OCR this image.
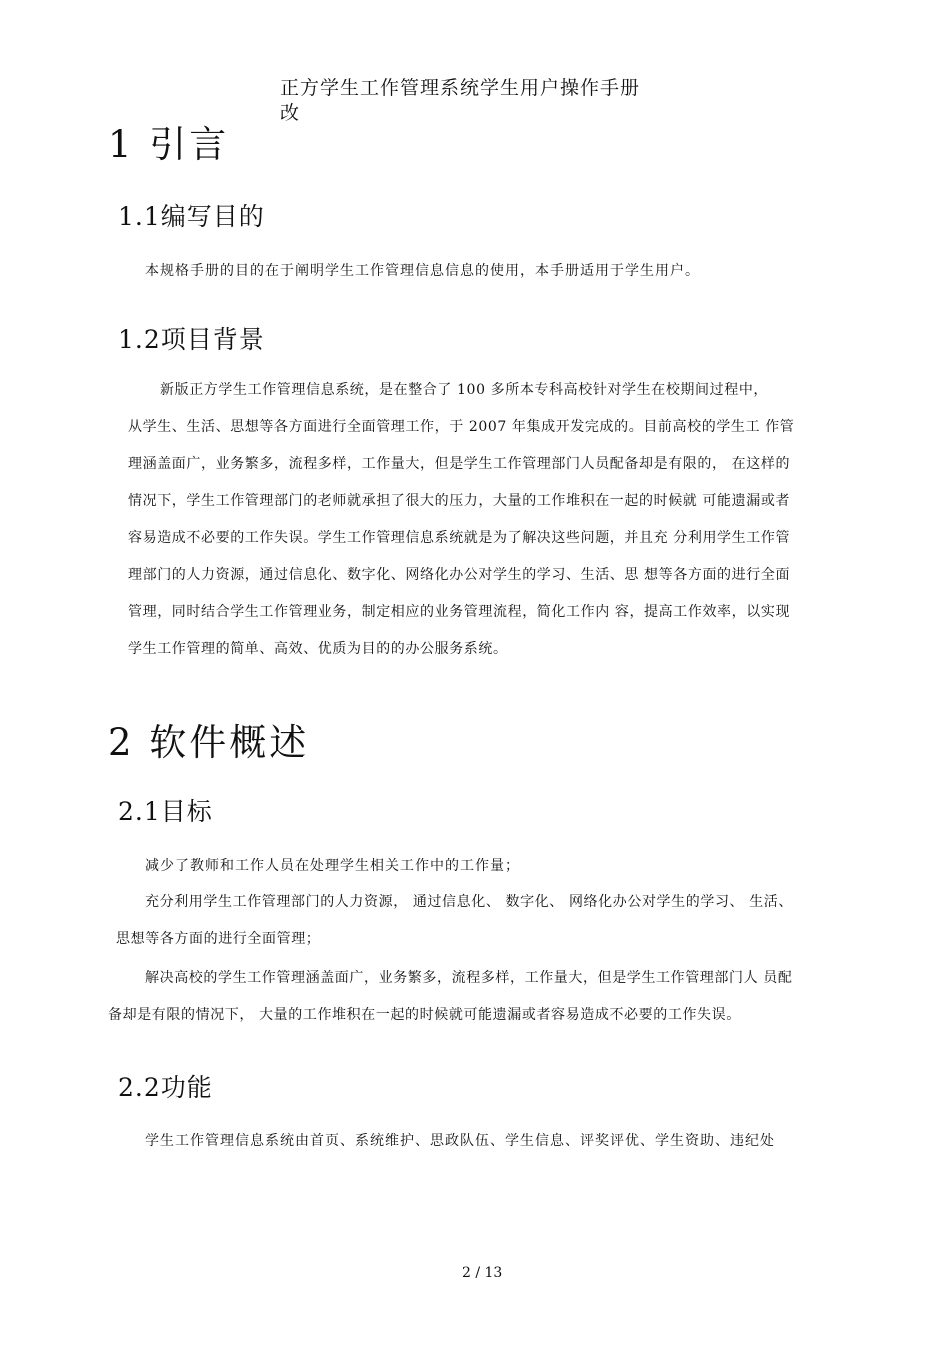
正方学生工作管理系统学生用户操作手册
改
1 引言
1.1编写目的
本规格手册的目的在于阐明学生工作管理信息信息的使用，本手册适用于学生用户。
1.2项目背景
新版正方学生工作管理信息系统，是在整合了 100 多所本专科高校针对学生在校期间过程中，
从学生、生活、思想等各方面进行全面管理工作，于 2007 年集成开发完成的。目前高校的学生工 作管
理涵盖面广，业务繁多，流程多样，工作量大，但是学生工作管理部门人员配备却是有限的， 在这样的
情况下，学生工作管理部门的老师就承担了很大的压力，大量的工作堆积在一起的时候就 可能遗漏或者
容易造成不必要的工作失误。学生工作管理信息系统就是为了解决这些问题，并且充 分利用学生工作管
理部门的人力资源，通过信息化、数字化、网络化办公对学生的学习、生活、思 想等各方面的进行全面
管理，同时结合学生工作管理业务，制定相应的业务管理流程，简化工作内 容，提高工作效率，以实现
学生工作管理的简单、高效、优质为目的的办公服务系统。
2 软件概述
2.1目标
减少了教师和工作人员在处理学生相关工作中的工作量；
充分利用学生工作管理部门的人力资源， 通过信息化、 数字化、 网络化办公对学生的学习、 生活、
思想等各方面的进行全面管理；
解决高校的学生工作管理涵盖面广，业务繁多，流程多样，工作量大，但是学生工作管理部门人 员配
备却是有限的情况下， 大量的工作堆积在一起的时候就可能遗漏或者容易造成不必要的工作失误。
2.2功能
学生工作管理信息系统由首页、系统维护、思政队伍、学生信息、评奖评优、学生资助、违纪处
2 / 13
